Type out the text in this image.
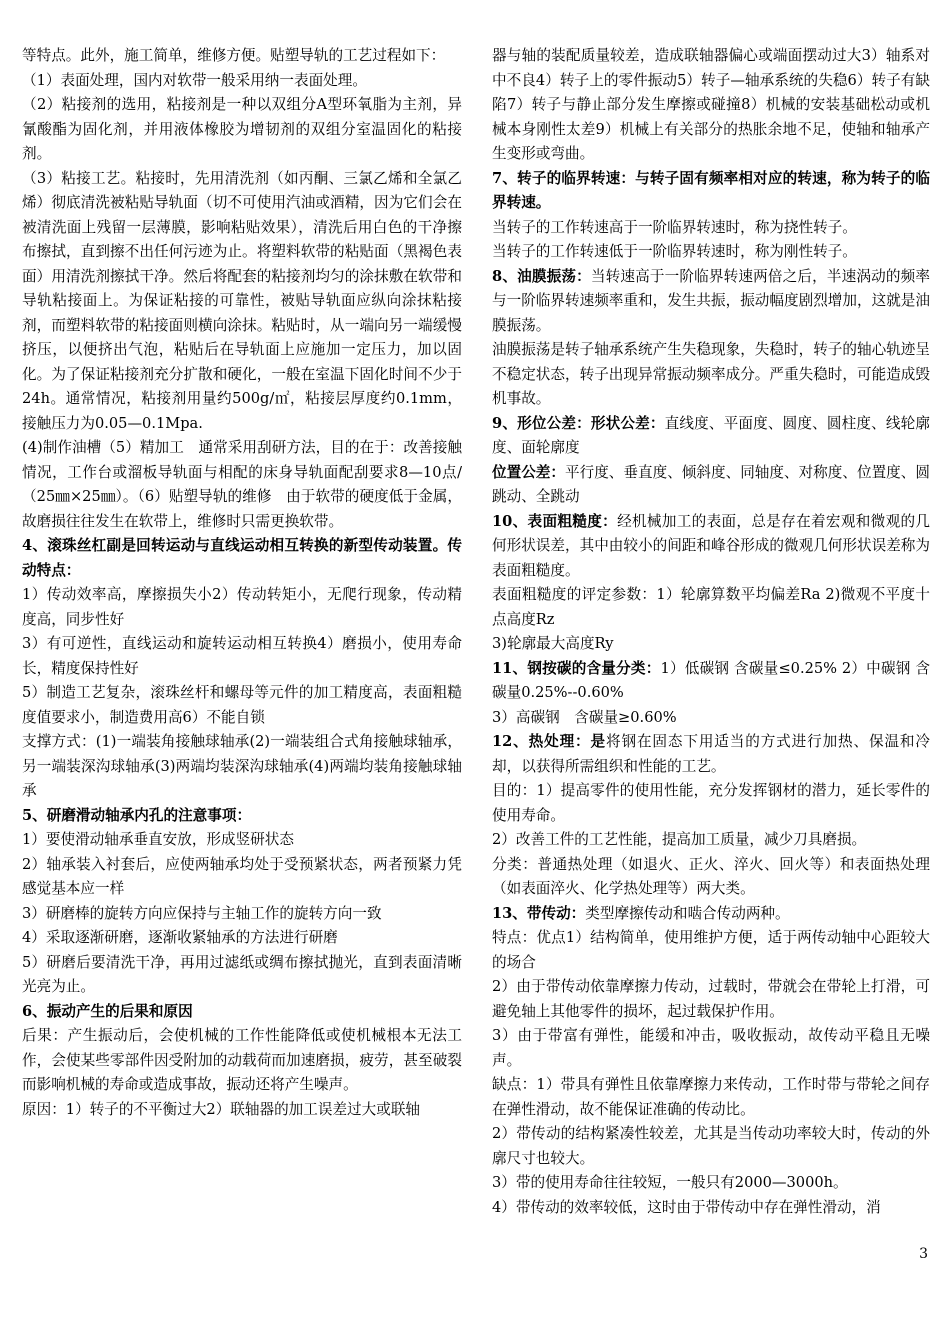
等特点。此外，施工简单，维修方便。贴塑导轨的工艺过程如下：

（1）表面处理，国内对软带一般采用纳一表面处理。

（2）粘接剂的选用，粘接剂是一种以双组分A型环氧脂为主剂，异氰酸酯为固化剂，并用液体橡胶为增韧剂的双组分室温固化的粘接剂。

（3）粘接工艺。粘接时，先用清洗剂（如丙酮、三氯乙烯和全氯乙烯）彻底清洗被粘贴导轨面（切不可使用汽油或酒精，因为它们会在被清洗面上残留一层薄膜，影响粘贴效果），清洗后用白色的干净擦布擦拭，直到擦不出任何污迹为止。将塑料软带的粘贴面（黑褐色表面）用清洗剂擦拭干净。然后将配套的粘接剂均匀的涂抹敷在软带和导轨粘接面上。为保证粘接的可靠性，被贴导轨面应纵向涂抹粘接剂，而塑料软带的粘接面则横向涂抹。粘贴时，从一端向另一端缓慢挤压，以便挤出气泡，粘贴后在导轨面上应施加一定压力，加以固化。为了保证粘接剂充分扩散和硬化，一般在室温下固化时间不少于24h。通常情况，粘接剂用量约500g/㎡，粘接层厚度约0.1mm，接触压力为0.05—0.1Mpa.

(4)制作油槽（5）精加工　通常采用刮研方法，目的在于：改善接触情况，工作台或溜板导轨面与相配的床身导轨面配刮要求8—10点/（25㎜×25㎜）。（6）贴塑导轨的维修　由于软带的硬度低于金属，故磨损往往发生在软带上，维修时只需更换软带。

4、滚珠丝杠副是回转运动与直线运动相互转换的新型传动装置。传动特点：

1）传动效率高，摩擦损失小2）传动转矩小，无爬行现象，传动精度高，同步性好

3）有可逆性，直线运动和旋转运动相互转换4）磨损小，使用寿命长，精度保持性好

5）制造工艺复杂，滚珠丝杆和螺母等元件的加工精度高，表面粗糙度值要求小，制造费用高6）不能自锁

支撑方式：(1)一端装角接触球轴承(2)一端装组合式角接触球轴承，另一端装深沟球轴承(3)两端均装深沟球轴承(4)两端均装角接触球轴承

5、研磨滑动轴承内孔的注意事项：

1）要使滑动轴承垂直安放，形成竖研状态

2）轴承装入衬套后，应使两轴承均处于受预紧状态，两者预紧力凭感觉基本应一样

3）研磨棒的旋转方向应保持与主轴工作的旋转方向一致

4）采取逐渐研磨，逐渐收紧轴承的方法进行研磨

5）研磨后要清洗干净，再用过滤纸或绸布擦拭抛光，直到表面清晰光亮为止。

6、振动产生的后果和原因

后果：产生振动后，会使机械的工作性能降低或使机械根本无法工作，会使某些零部件因受附加的动载荷而加速磨损，疲劳，甚至破裂而影响机械的寿命或造成事故，振动还将产生噪声。

原因：1）转子的不平衡过大2）联轴器的加工误差过大或联轴

器与轴的装配质量较差，造成联轴器偏心或端面摆动过大3）轴系对中不良4）转子上的零件振动5）转子—轴承系统的失稳6）转子有缺陷7）转子与静止部分发生摩擦或碰撞8）机械的安装基础松动或机械本身刚性太差9）机械上有关部分的热胀余地不足，使轴和轴承产生变形或弯曲。

7、转子的临界转速：与转子固有频率相对应的转速，称为转子的临界转速。

当转子的工作转速高于一阶临界转速时，称为挠性转子。

当转子的工作转速低于一阶临界转速时，称为刚性转子。

8、油膜振荡：当转速高于一阶临界转速两倍之后，半速涡动的频率与一阶临界转速频率重和，发生共振，振动幅度剧烈增加，这就是油膜振荡。

油膜振荡是转子轴承系统产生失稳现象，失稳时，转子的轴心轨迹呈不稳定状态，转子出现异常振动频率成分。严重失稳时，可能造成毁机事故。

9、形位公差：形状公差：直线度、平面度、圆度、圆柱度、线轮廓度、面轮廓度

位置公差：平行度、垂直度、倾斜度、同轴度、对称度、位置度、圆跳动、全跳动

10、表面粗糙度：经机械加工的表面，总是存在着宏观和微观的几何形状误差，其中由较小的间距和峰谷形成的微观几何形状误差称为表面粗糙度。

表面粗糙度的评定参数：1）轮廓算数平均偏差Ra 2)微观不平度十点高度Rz

3)轮廓最大高度Ry

11、钢按碳的含量分类：1）低碳钢 含碳量≤0.25% 2）中碳钢 含碳量0.25%--0.60%

3）高碳钢　含碳量≥0.60%

12、热处理：是将钢在固态下用适当的方式进行加热、保温和冷却，以获得所需组织和性能的工艺。

目的：1）提高零件的使用性能，充分发挥钢材的潜力，延长零件的使用寿命。

2）改善工件的工艺性能，提高加工质量，减少刀具磨损。

分类：普通热处理（如退火、正火、淬火、回火等）和表面热处理（如表面淬火、化学热处理等）两大类。

13、带传动：类型摩擦传动和啮合传动两种。

特点：优点1）结构简单，使用维护方便，适于两传动轴中心距较大的场合

2）由于带传动依靠摩擦力传动，过载时，带就会在带轮上打滑，可避免轴上其他零件的损坏，起过载保护作用。

3）由于带富有弹性，能缓和冲击，吸收振动，故传动平稳且无噪声。

缺点：1）带具有弹性且依靠摩擦力来传动，工作时带与带轮之间存在弹性滑动，故不能保证准确的传动比。

2）带传动的结构紧凑性较差，尤其是当传动功率较大时，传动的外廓尺寸也较大。

3）带的使用寿命往往较短，一般只有2000—3000h。

4）带传动的效率较低，这时由于带传动中存在弹性滑动，消

3
